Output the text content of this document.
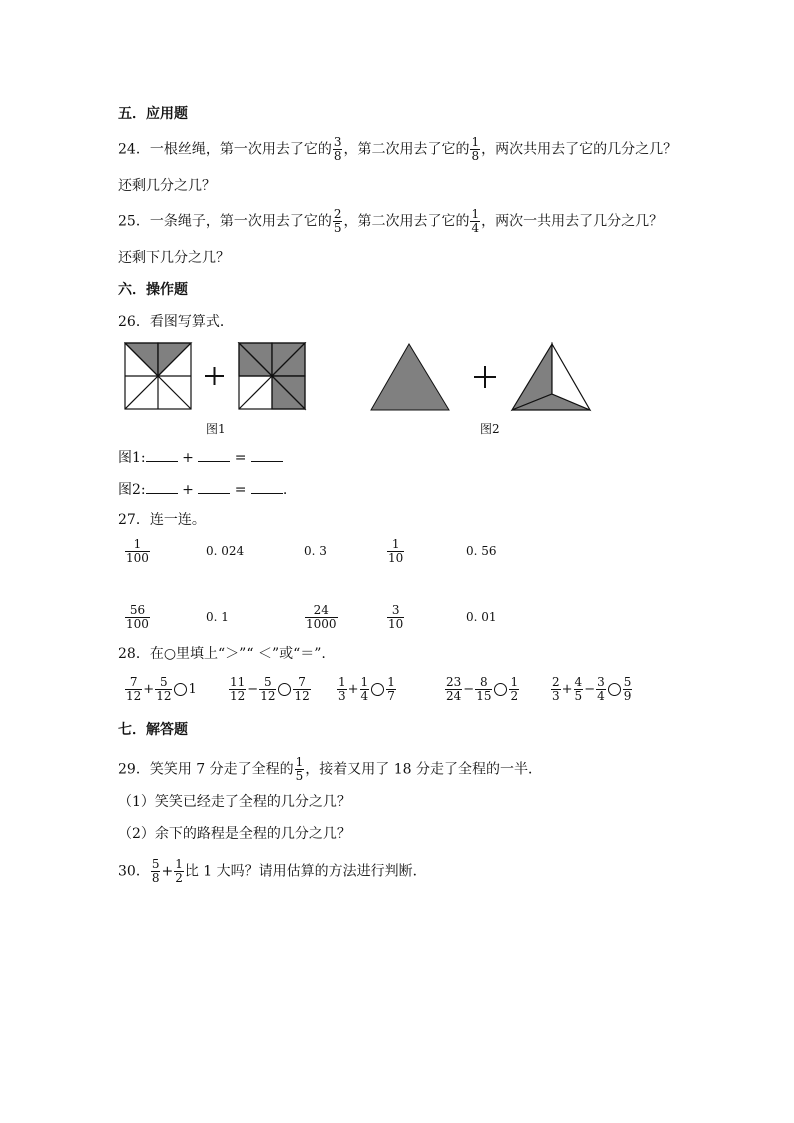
五．应用题
24．一根丝绳，第一次用去了它的 $\frac{3}{8}$ ，第二次用去了它的 $\frac{1}{8}$ ，两次共用去了它的几分之几？
还剩几分之几？
25．一条绳子，第一次用去了它的 $\frac{2}{5}$ ，第二次用去了它的 $\frac{1}{4}$ ，两次一共用去了几分之几？
还剩下几分之几？
六．操作题
26．看图写算式．
图1	图2
图1:	+	=
图2:	+	=	.
27．连一连。
$\frac{1}{100}$	0. 024	0. 3	$\frac{1}{10}$	0. 56
$\frac{56}{100}$	0. 1	$\frac{24}{1000}$	$\frac{3}{10}$	0. 01
28．在○里填上“＞”“ ＜”或“＝”.
$\frac{7}{12} + \frac{5}{12} 1$	$\frac{11}{12} - \frac{5}{12} \frac{7}{12} \frac{1}{3} + \frac{1}{4} \frac{1}{7}$	$\frac{23}{24} - \frac{8}{15} \frac{1}{2}$	$\frac{2}{3} + \frac{4}{5} - \frac{3}{4} \frac{5}{9}$
七．解答题
29．笑笑用 7 分走了全程的 $\frac{1}{5}$ ，接着又用了 18 分走了全程的一半．
（1）笑笑已经走了全程的几分之几？
（2）余下的路程是全程的几分之几？
30． $\frac{5}{8} + \frac{1}{2}$ 比 1 大吗？请用估算的方法进行判断．
